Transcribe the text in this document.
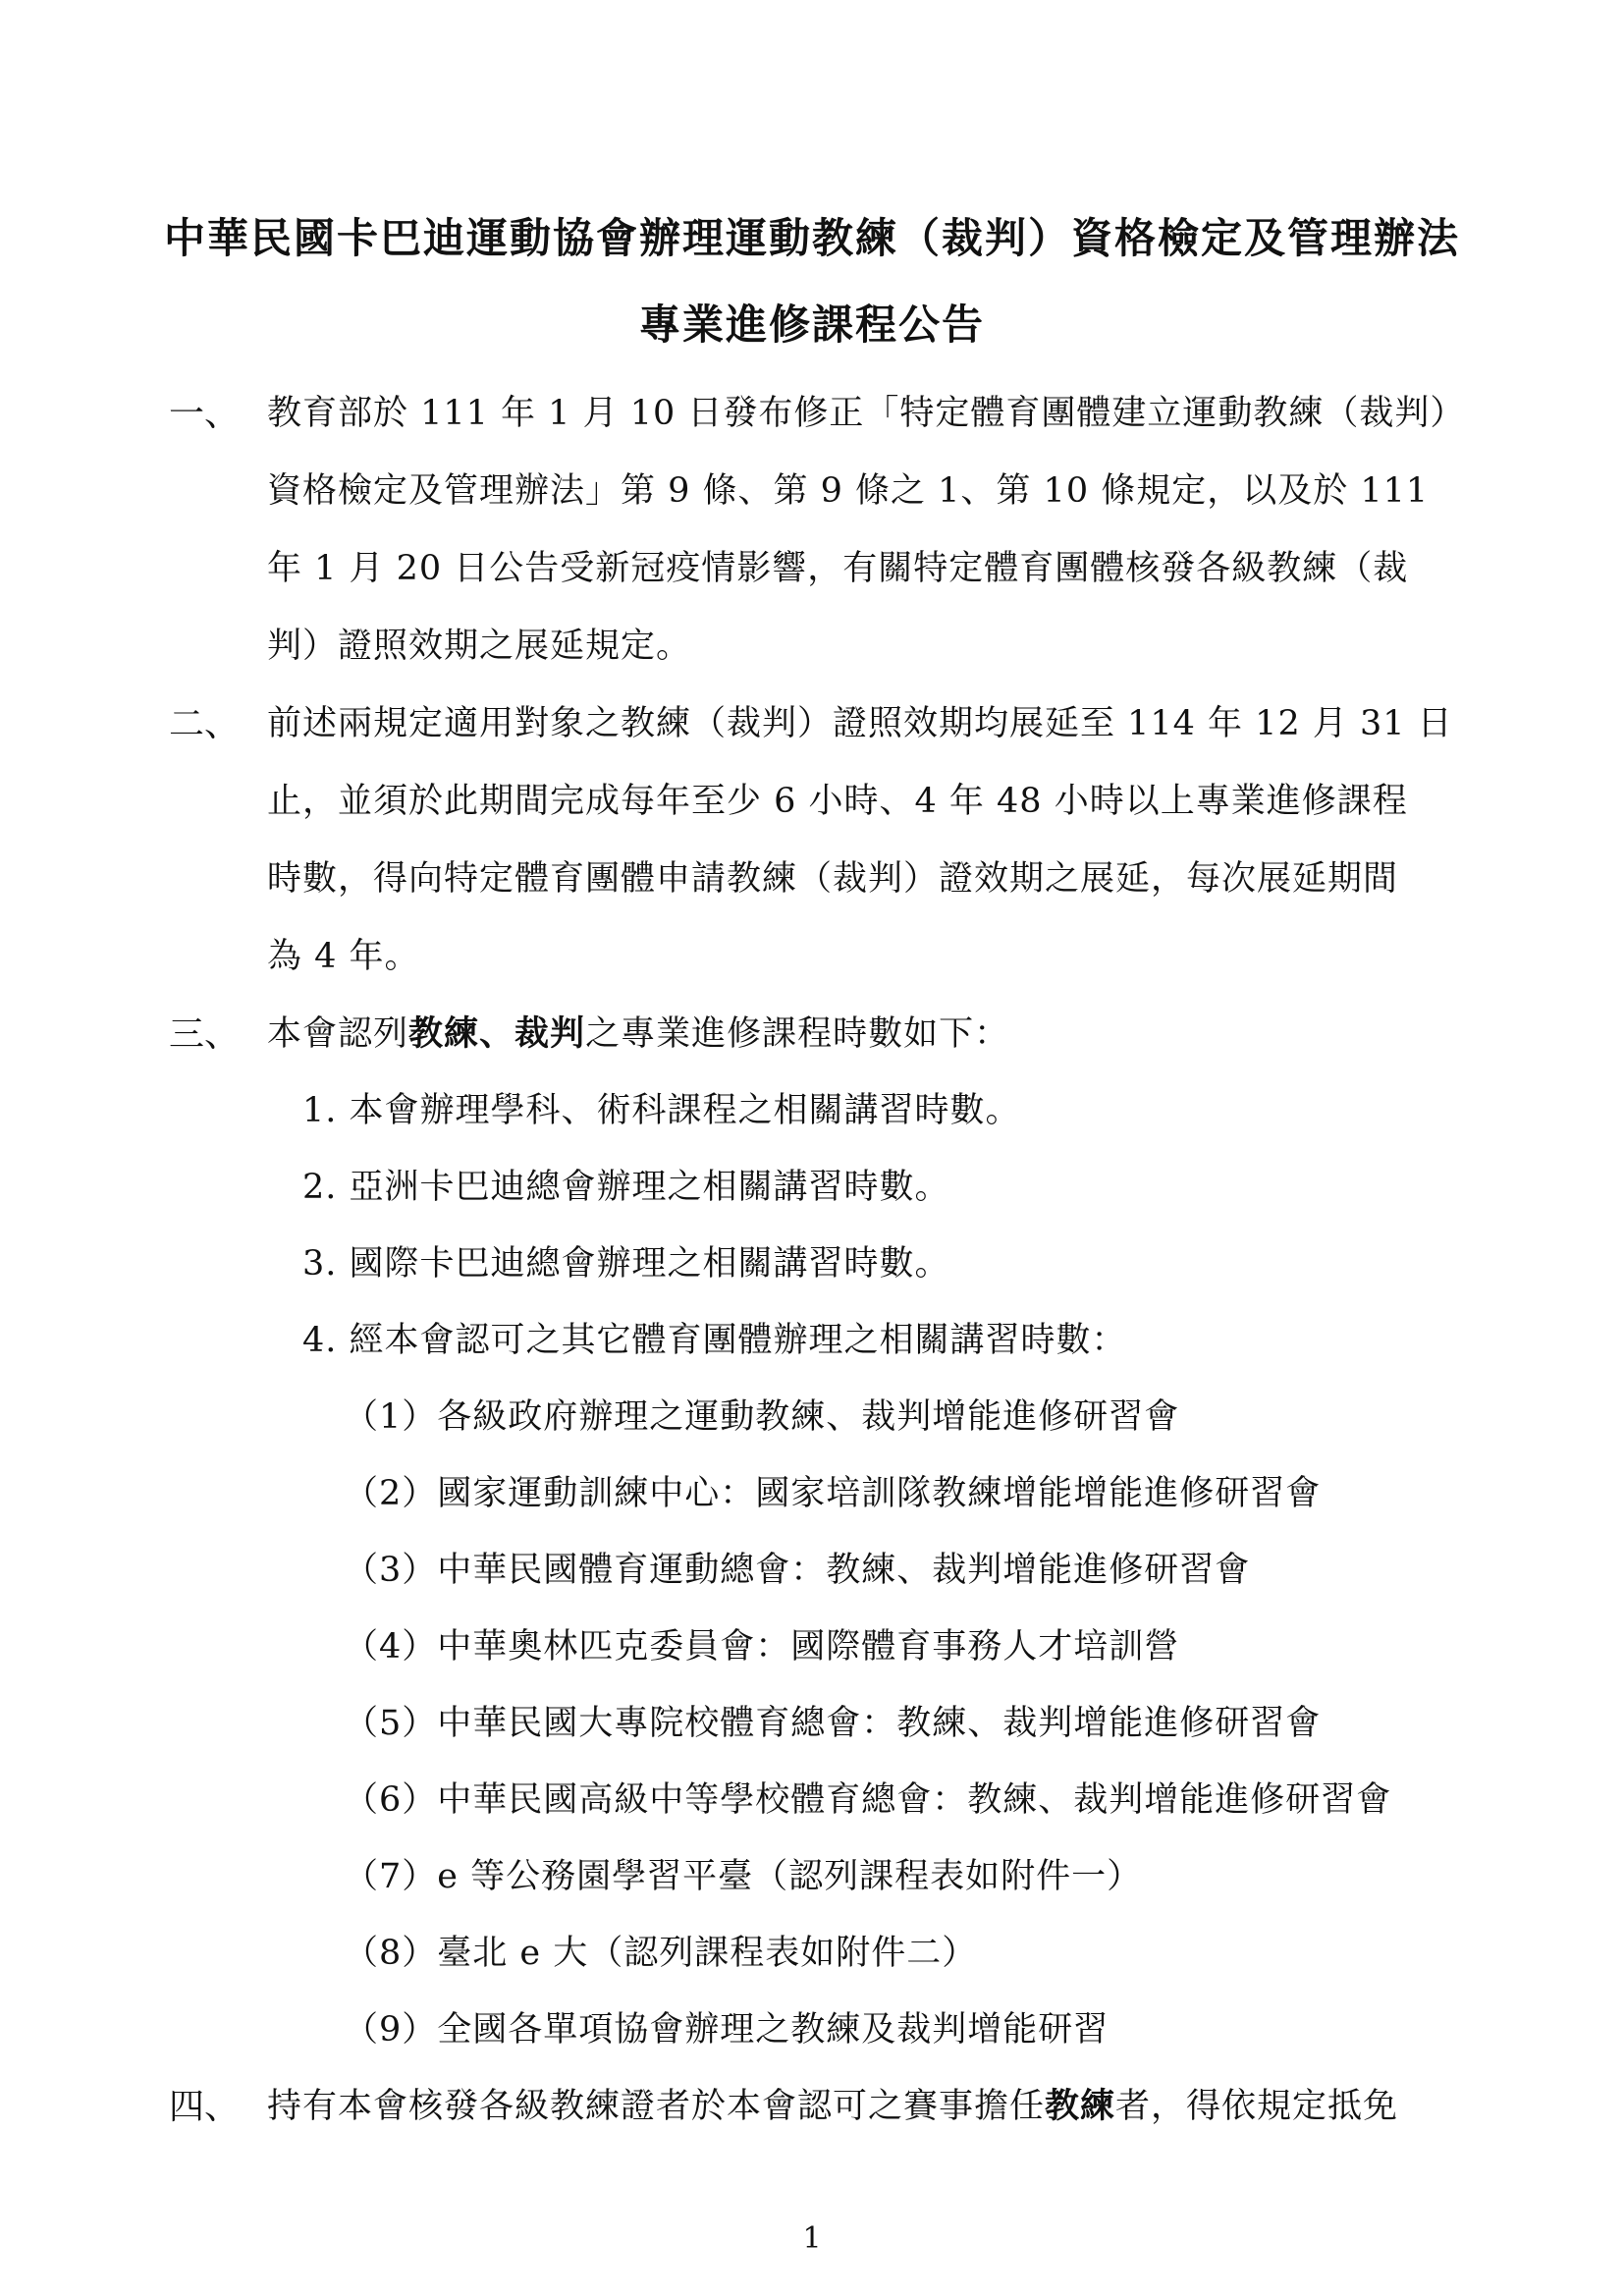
中華民國卡巴迪運動協會辦理運動教練（裁判）資格檢定及管理辦法
專業進修課程公告
一、 教育部於 111 年 1 月 10 日發布修正「特定體育團體建立運動教練（裁判）
資格檢定及管理辦法」第 9 條、第 9 條之 1、第 10 條規定，以及於 111
年 1 月 20 日公告受新冠疫情影響，有關特定體育團體核發各級教練（裁
判）證照效期之展延規定。
二、 前述兩規定適用對象之教練（裁判）證照效期均展延至 114 年 12 月 31 日
止，並須於此期間完成每年至少 6 小時、4 年 48 小時以上專業進修課程
時數，得向特定體育團體申請教練（裁判）證效期之展延，每次展延期間
為 4 年。
三、 本會認列教練、裁判之專業進修課程時數如下：
1. 本會辦理學科、術科課程之相關講習時數。
2. 亞洲卡巴迪總會辦理之相關講習時數。
3. 國際卡巴迪總會辦理之相關講習時數。
4. 經本會認可之其它體育團體辦理之相關講習時數：
（1）各級政府辦理之運動教練、裁判增能進修研習會
（2）國家運動訓練中心：國家培訓隊教練增能增能進修研習會
（3）中華民國體育運動總會：教練、裁判增能進修研習會
（4）中華奧林匹克委員會：國際體育事務人才培訓營
（5）中華民國大專院校體育總會：教練、裁判增能進修研習會
（6）中華民國高級中等學校體育總會：教練、裁判增能進修研習會
（7）e 等公務園學習平臺（認列課程表如附件一）
（8）臺北 e 大（認列課程表如附件二）
（9）全國各單項協會辦理之教練及裁判增能研習
四、 持有本會核發各級教練證者於本會認可之賽事擔任教練者，得依規定抵免
1
